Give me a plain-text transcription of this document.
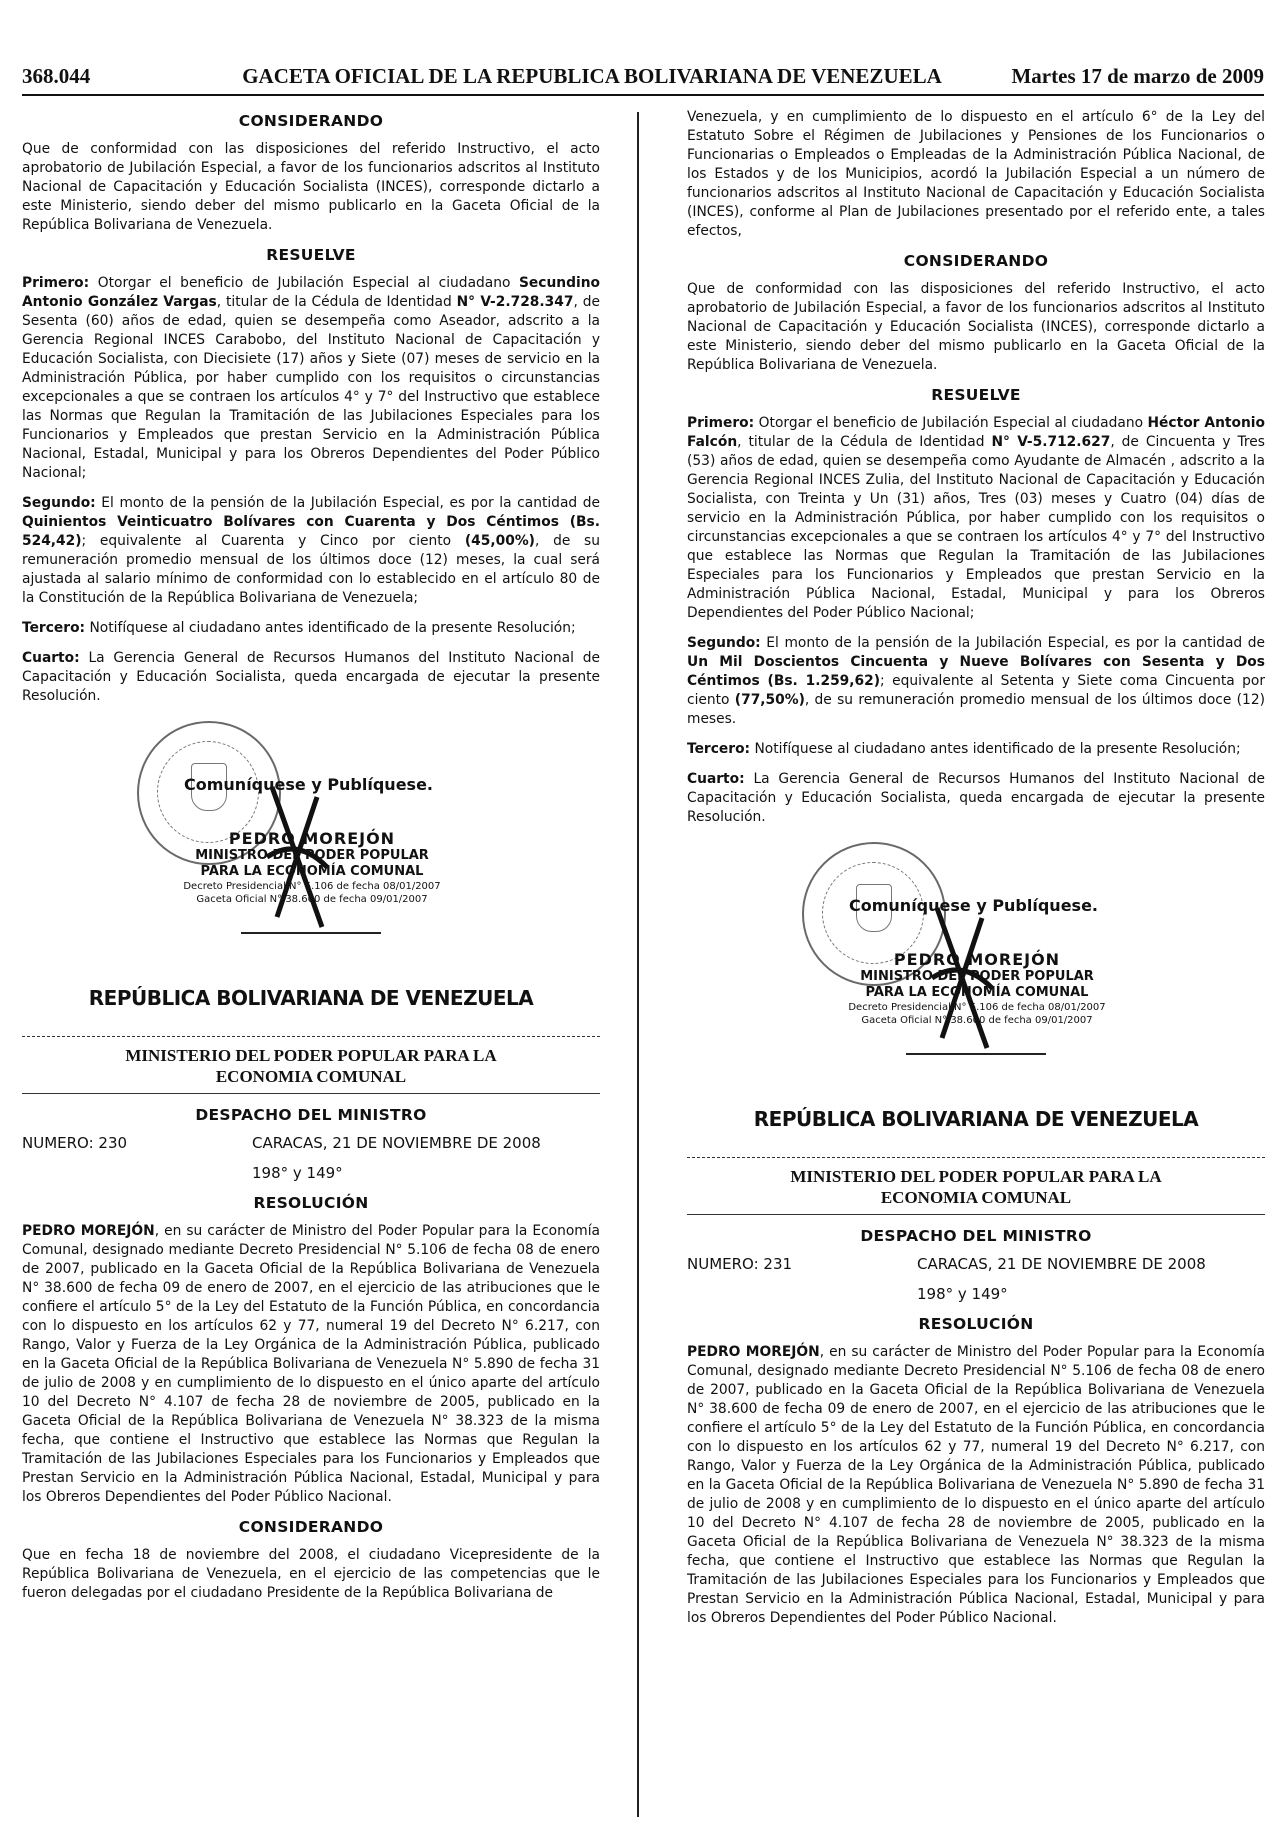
368.044	GACETA OFICIAL DE LA REPUBLICA BOLIVARIANA DE VENEZUELA	Martes 17 de marzo de 2009
CONSIDERANDO

Que de conformidad con las disposiciones del referido Instructivo, el acto aprobatorio de Jubilación Especial, a favor de los funcionarios adscritos al Instituto Nacional de Capacitación y Educación Socialista (INCES), corresponde dictarlo a este Ministerio, siendo deber del mismo publicarlo en la Gaceta Oficial de la República Bolivariana de Venezuela.

RESUELVE

Primero: Otorgar el beneficio de Jubilación Especial al ciudadano Secundino Antonio González Vargas, titular de la Cédula de Identidad N° V-2.728.347, de Sesenta (60) años de edad, quien se desempeña como Aseador, adscrito a la Gerencia Regional INCES Carabobo, del Instituto Nacional de Capacitación y Educación Socialista, con Diecisiete (17) años y Siete (07) meses de servicio en la Administración Pública, por haber cumplido con los requisitos o circunstancias excepcionales a que se contraen los artículos 4° y 7° del Instructivo que establece las Normas que Regulan la Tramitación de las Jubilaciones Especiales para los Funcionarios y Empleados que prestan Servicio en la Administración Pública Nacional, Estadal, Municipal y para los Obreros Dependientes del Poder Público Nacional;

Segundo: El monto de la pensión de la Jubilación Especial, es por la cantidad de Quinientos Veinticuatro Bolívares con Cuarenta y Dos Céntimos (Bs. 524,42); equivalente al Cuarenta y Cinco por ciento (45,00%), de su remuneración promedio mensual de los últimos doce (12) meses, la cual será ajustada al salario mínimo de conformidad con lo establecido en el artículo 80 de la Constitución de la República Bolivariana de Venezuela;

Tercero: Notifíquese al ciudadano antes identificado de la presente Resolución;

Cuarto: La Gerencia General de Recursos Humanos del Instituto Nacional de Capacitación y Educación Socialista, queda encargada de ejecutar la presente Resolución.

Comuníquese y Publíquese.
PEDRO MOREJÓN
MINISTRO DEL PODER POPULAR
PARA LA ECONOMÍA COMUNAL
Decreto Presidencial N° 5.106 de fecha 08/01/2007
Gaceta Oficial N° 38.600 de fecha 09/01/2007
REPÚBLICA BOLIVARIANA DE VENEZUELA
MINISTERIO DEL PODER POPULAR PARA LA
ECONOMIA COMUNAL
DESPACHO DEL MINISTRO
NUMERO: 230	CARACAS, 21 DE NOVIEMBRE DE 2008
198° y 149°
RESOLUCIÓN

PEDRO MOREJÓN, en su carácter de Ministro del Poder Popular para la Economía Comunal, designado mediante Decreto Presidencial N° 5.106 de fecha 08 de enero de 2007, publicado en la Gaceta Oficial de la República Bolivariana de Venezuela N° 38.600 de fecha 09 de enero de 2007, en el ejercicio de las atribuciones que le confiere el artículo 5° de la Ley del Estatuto de la Función Pública, en concordancia con lo dispuesto en los artículos 62 y 77, numeral 19 del Decreto N° 6.217, con Rango, Valor y Fuerza de la Ley Orgánica de la Administración Pública, publicado en la Gaceta Oficial de la República Bolivariana de Venezuela N° 5.890 de fecha 31 de julio de 2008 y en cumplimiento de lo dispuesto en el único aparte del artículo 10 del Decreto N° 4.107 de fecha 28 de noviembre de 2005, publicado en la Gaceta Oficial de la República Bolivariana de Venezuela N° 38.323 de la misma fecha, que contiene el Instructivo que establece las Normas que Regulan la Tramitación de las Jubilaciones Especiales para los Funcionarios y Empleados que Prestan Servicio en la Administración Pública Nacional, Estadal, Municipal y para los Obreros Dependientes del Poder Público Nacional.

CONSIDERANDO

Que en fecha 18 de noviembre del 2008, el ciudadano Vicepresidente de la República Bolivariana de Venezuela, en el ejercicio de las competencias que le fueron delegadas por el ciudadano Presidente de la República Bolivariana de

Venezuela, y en cumplimiento de lo dispuesto en el artículo 6° de la Ley del Estatuto Sobre el Régimen de Jubilaciones y Pensiones de los Funcionarios o Funcionarias o Empleados o Empleadas de la Administración Pública Nacional, de los Estados y de los Municipios, acordó la Jubilación Especial a un número de funcionarios adscritos al Instituto Nacional de Capacitación y Educación Socialista (INCES), conforme al Plan de Jubilaciones presentado por el referido ente, a tales efectos,

CONSIDERANDO

Que de conformidad con las disposiciones del referido Instructivo, el acto aprobatorio de Jubilación Especial, a favor de los funcionarios adscritos al Instituto Nacional de Capacitación y Educación Socialista (INCES), corresponde dictarlo a este Ministerio, siendo deber del mismo publicarlo en la Gaceta Oficial de la República Bolivariana de Venezuela.

RESUELVE

Primero: Otorgar el beneficio de Jubilación Especial al ciudadano Héctor Antonio Falcón, titular de la Cédula de Identidad N° V-5.712.627, de Cincuenta y Tres (53) años de edad, quien se desempeña como Ayudante de Almacén , adscrito a la Gerencia Regional INCES Zulia, del Instituto Nacional de Capacitación y Educación Socialista, con Treinta y Un (31) años, Tres (03) meses y Cuatro (04) días de servicio en la Administración Pública, por haber cumplido con los requisitos o circunstancias excepcionales a que se contraen los artículos 4° y 7° del Instructivo que establece las Normas que Regulan la Tramitación de las Jubilaciones Especiales para los Funcionarios y Empleados que prestan Servicio en la Administración Pública Nacional, Estadal, Municipal y para los Obreros Dependientes del Poder Público Nacional;

Segundo: El monto de la pensión de la Jubilación Especial, es por la cantidad de Un Mil Doscientos Cincuenta y Nueve Bolívares con Sesenta y Dos Céntimos (Bs. 1.259,62); equivalente al Setenta y Siete coma Cincuenta por ciento (77,50%), de su remuneración promedio mensual de los últimos doce (12) meses.

Tercero: Notifíquese al ciudadano antes identificado de la presente Resolución;

Cuarto: La Gerencia General de Recursos Humanos del Instituto Nacional de Capacitación y Educación Socialista, queda encargada de ejecutar la presente Resolución.

Comuníquese y Publíquese.
PEDRO MOREJÓN
MINISTRO DEL PODER POPULAR
PARA LA ECONOMÍA COMUNAL
Decreto Presidencial N° 5.106 de fecha 08/01/2007
Gaceta Oficial N° 38.600 de fecha 09/01/2007
REPÚBLICA BOLIVARIANA DE VENEZUELA
MINISTERIO DEL PODER POPULAR PARA LA
ECONOMIA COMUNAL
DESPACHO DEL MINISTRO
NUMERO: 231	CARACAS, 21 DE NOVIEMBRE DE 2008
198° y 149°
RESOLUCIÓN

PEDRO MOREJÓN, en su carácter de Ministro del Poder Popular para la Economía Comunal, designado mediante Decreto Presidencial N° 5.106 de fecha 08 de enero de 2007, publicado en la Gaceta Oficial de la República Bolivariana de Venezuela N° 38.600 de fecha 09 de enero de 2007, en el ejercicio de las atribuciones que le confiere el artículo 5° de la Ley del Estatuto de la Función Pública, en concordancia con lo dispuesto en los artículos 62 y 77, numeral 19 del Decreto N° 6.217, con Rango, Valor y Fuerza de la Ley Orgánica de la Administración Pública, publicado en la Gaceta Oficial de la República Bolivariana de Venezuela N° 5.890 de fecha 31 de julio de 2008 y en cumplimiento de lo dispuesto en el único aparte del artículo 10 del Decreto N° 4.107 de fecha 28 de noviembre de 2005, publicado en la Gaceta Oficial de la República Bolivariana de Venezuela N° 38.323 de la misma fecha, que contiene el Instructivo que establece las Normas que Regulan la Tramitación de las Jubilaciones Especiales para los Funcionarios y Empleados que Prestan Servicio en la Administración Pública Nacional, Estadal, Municipal y para los Obreros Dependientes del Poder Público Nacional.
